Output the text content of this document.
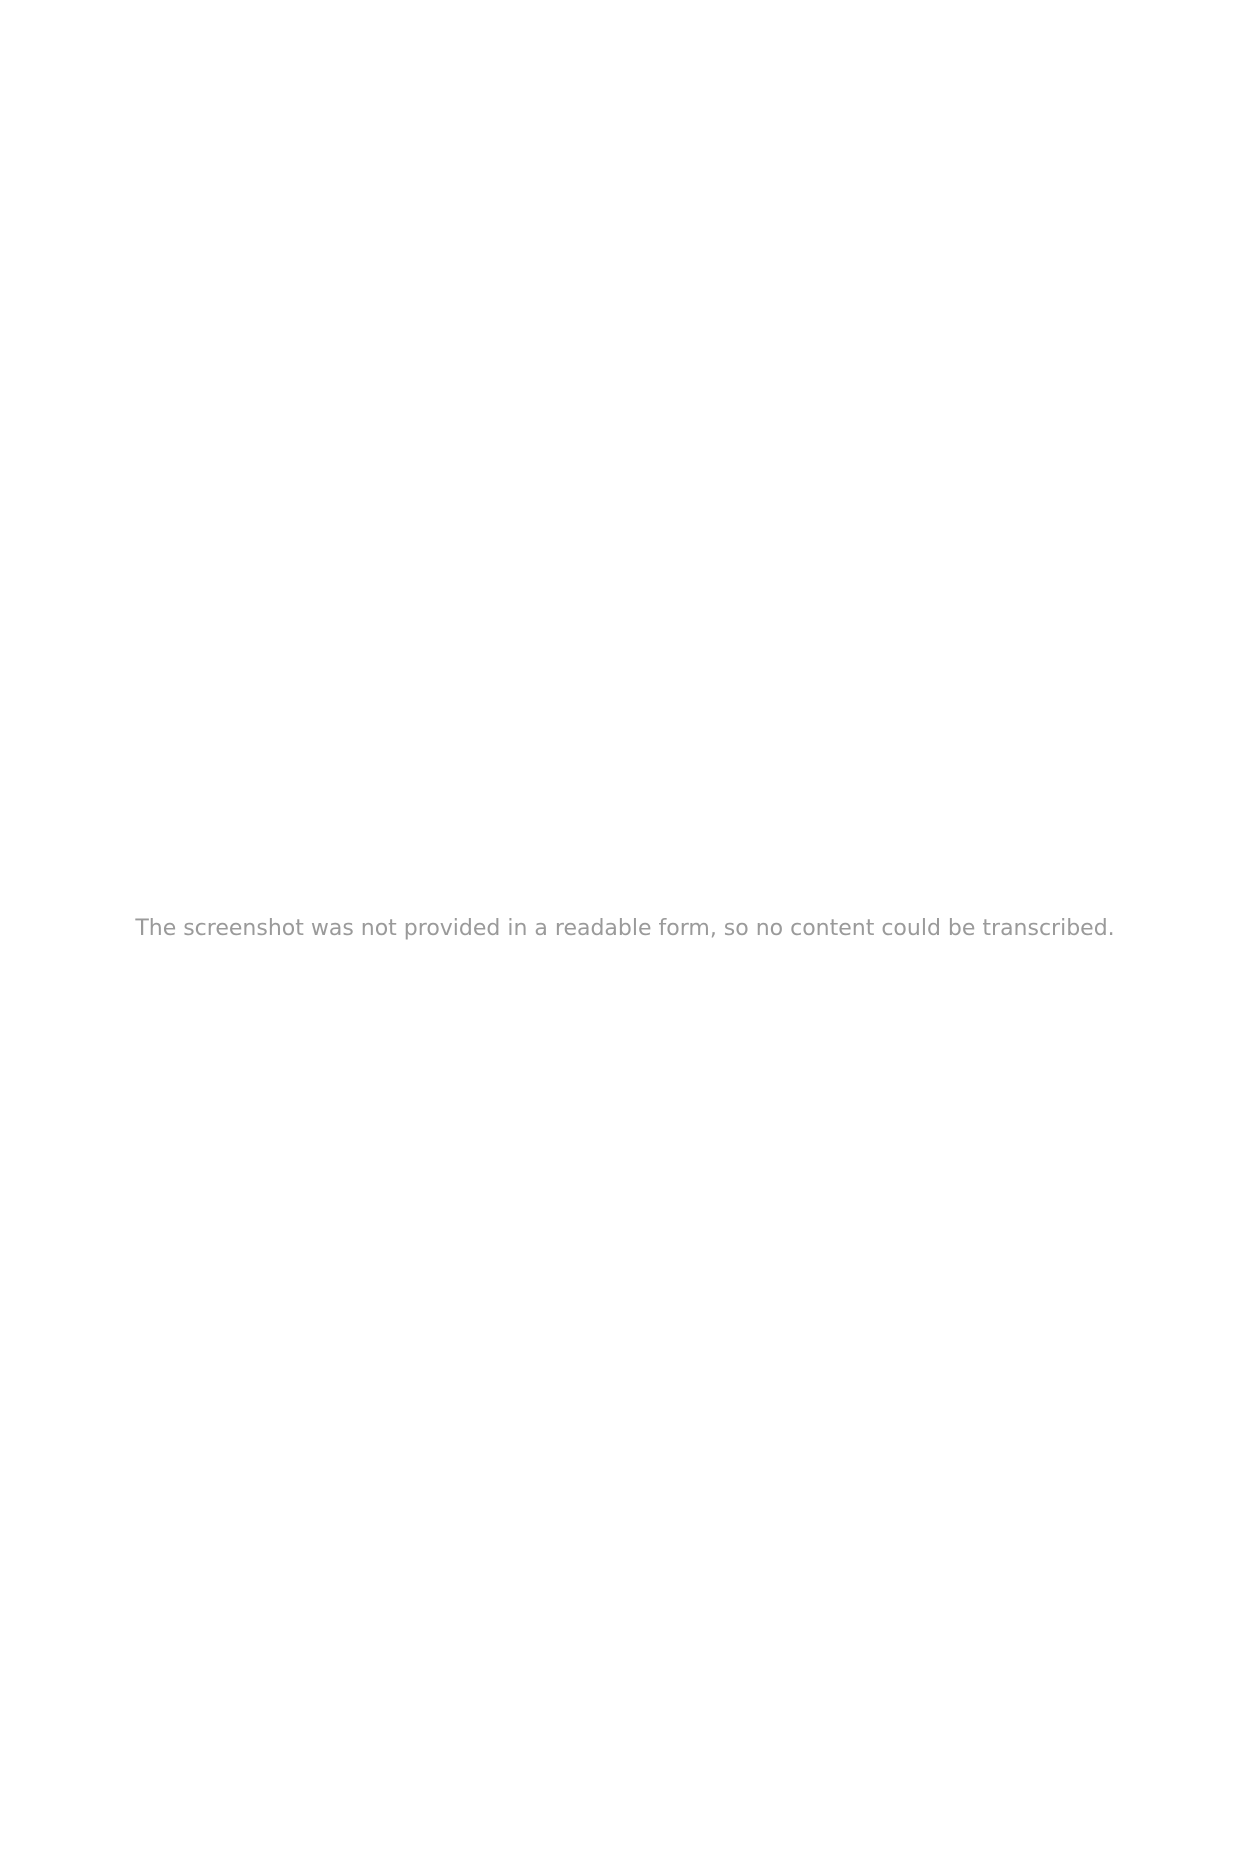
The screenshot was not provided in a readable form, so no content could be transcribed.
